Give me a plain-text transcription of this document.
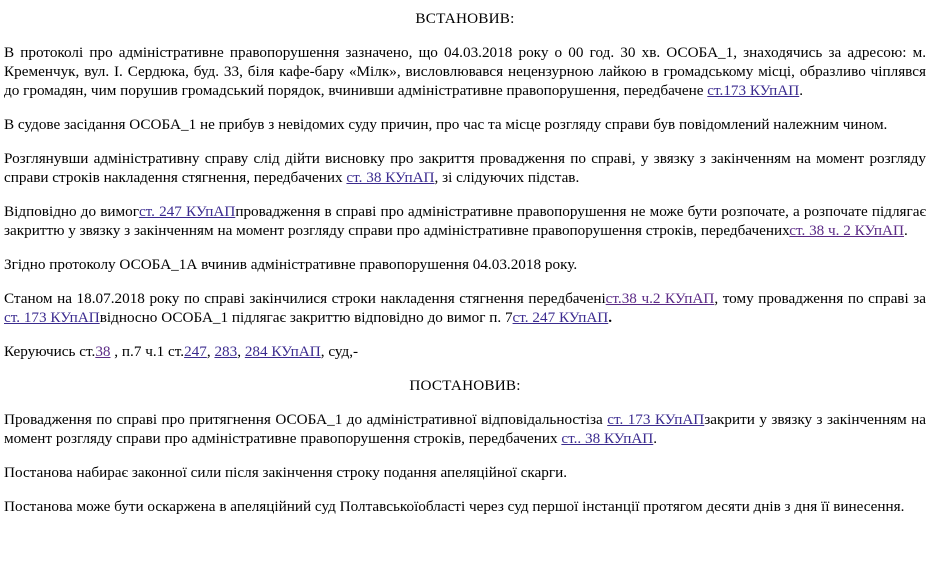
ВСТАНОВИВ:

В протоколі про адміністративне правопорушення зазначено, що 04.03.2018 року о 00 год. 30 хв. ОСОБА_1, знаходячись за адресою: м. Кременчук, вул. І. Сердюка, буд. 33, біля кафе-бару «Мілк», висловлювався нецензурною лайкою в громадському місці, образливо чіплявся до громадян, чим порушив громадський порядок, вчинивши адміністративне правопорушення, передбачене ст.173 КУпАП.

В судове засідання ОСОБА_1 не прибув з невідомих суду причин, про час та місце розгляду справи був повідомлений належним чином.

Розглянувши адміністративну справу слід дійти висновку про закриття провадження по справі, у звязку з закінченням на момент розгляду справи строків накладення стягнення, передбачених ст. 38 КУпАП, зі слідуючих підстав.

Відповідно до вимогст. 247 КУпАПпровадження в справі про адміністративне правопорушення не може бути розпочате, а розпочате підлягає закриттю у звязку з закінченням на момент розгляду справи про адміністративне правопорушення строків, передбаченихст. 38 ч. 2 КУпАП.

Згідно протоколу ОСОБА_1А вчинив адміністративне правопорушення 04.03.2018 року.

Станом на 18.07.2018 року по справі закінчилися строки накладення стягнення передбаченіст.38 ч.2 КУпАП, тому провадження по справі за ст. 173 КУпАПвідносно ОСОБА_1 підлягає закриттю відповідно до вимог п. 7ст. 247 КУпАП.

Керуючись ст.38 , п.7 ч.1 ст.247, 283, 284 КУпАП, суд,-

ПОСТАНОВИВ:

Провадження по справі про притягнення ОСОБА_1 до адміністративної відповідальностіза ст. 173 КУпАПзакрити у звязку з закінченням на момент розгляду справи про адміністративне правопорушення строків, передбачених ст.. 38 КУпАП.

Постанова набирає законної сили після закінчення строку подання апеляційної скарги.

Постанова може бути оскаржена в апеляційний суд Полтавськоїобласті через суд першої інстанції протягом десяти днів з дня її винесення.
